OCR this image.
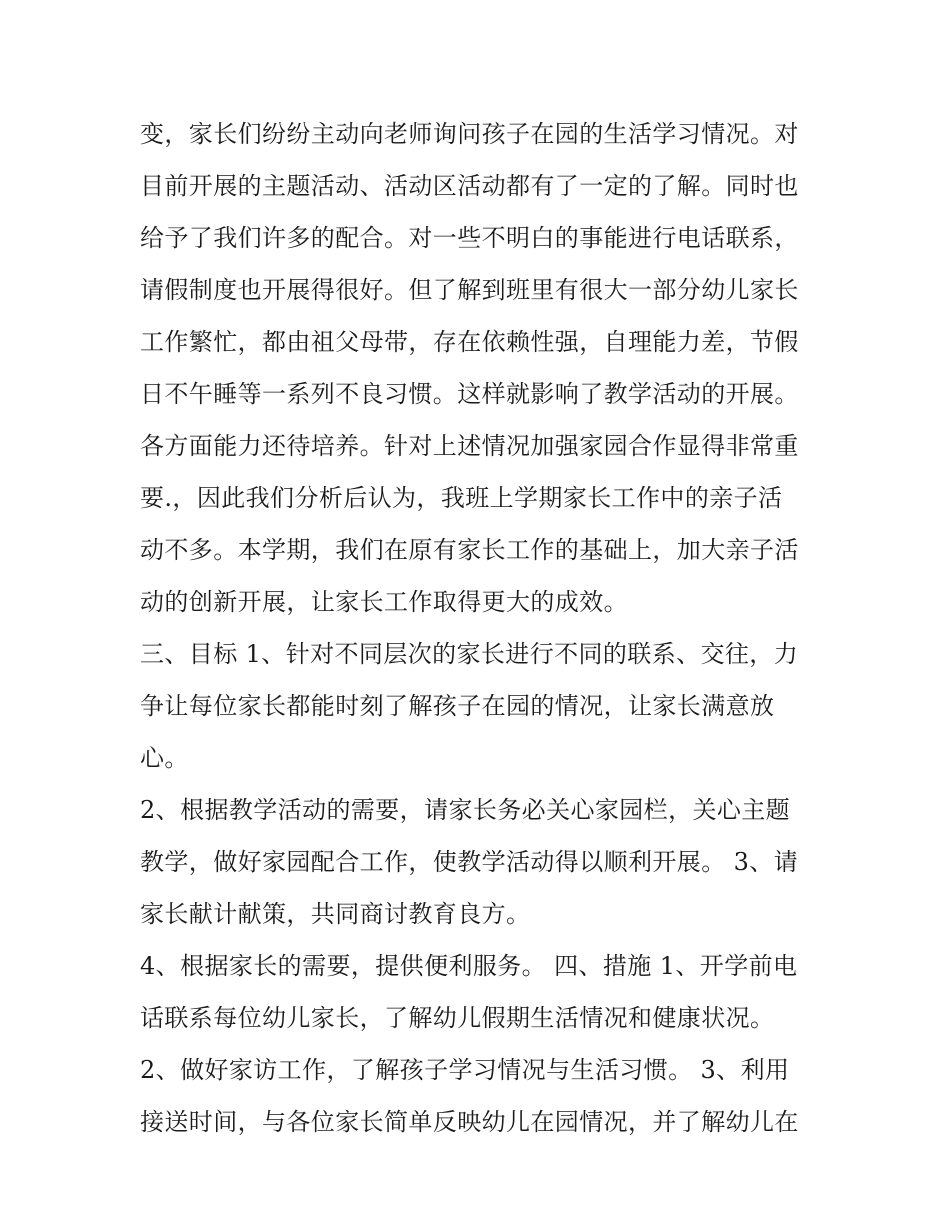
变，家长们纷纷主动向老师询问孩子在园的生活学习情况。对
目前开展的主题活动、活动区活动都有了一定的了解。同时也
给予了我们许多的配合。对一些不明白的事能进行电话联系，
请假制度也开展得很好。但了解到班里有很大一部分幼儿家长
工作繁忙，都由祖父母带，存在依赖性强，自理能力差，节假
日不午睡等一系列不良习惯。这样就影响了教学活动的开展。
各方面能力还待培养。针对上述情况加强家园合作显得非常重
要.，因此我们分析后认为，我班上学期家长工作中的亲子活
动不多。本学期，我们在原有家长工作的基础上，加大亲子活
动的创新开展，让家长工作取得更大的成效。
三、目标 1、针对不同层次的家长进行不同的联系、交往，力
争让每位家长都能时刻了解孩子在园的情况，让家长满意放
心。
2、根据教学活动的需要，请家长务必关心家园栏，关心主题
教学，做好家园配合工作，使教学活动得以顺利开展。 3、请
家长献计献策，共同商讨教育良方。
4、根据家长的需要，提供便利服务。 四、措施 1、开学前电
话联系每位幼儿家长，了解幼儿假期生活情况和健康状况。
2、做好家访工作，了解孩子学习情况与生活习惯。 3、利用
接送时间，与各位家长简单反映幼儿在园情况，并了解幼儿在
